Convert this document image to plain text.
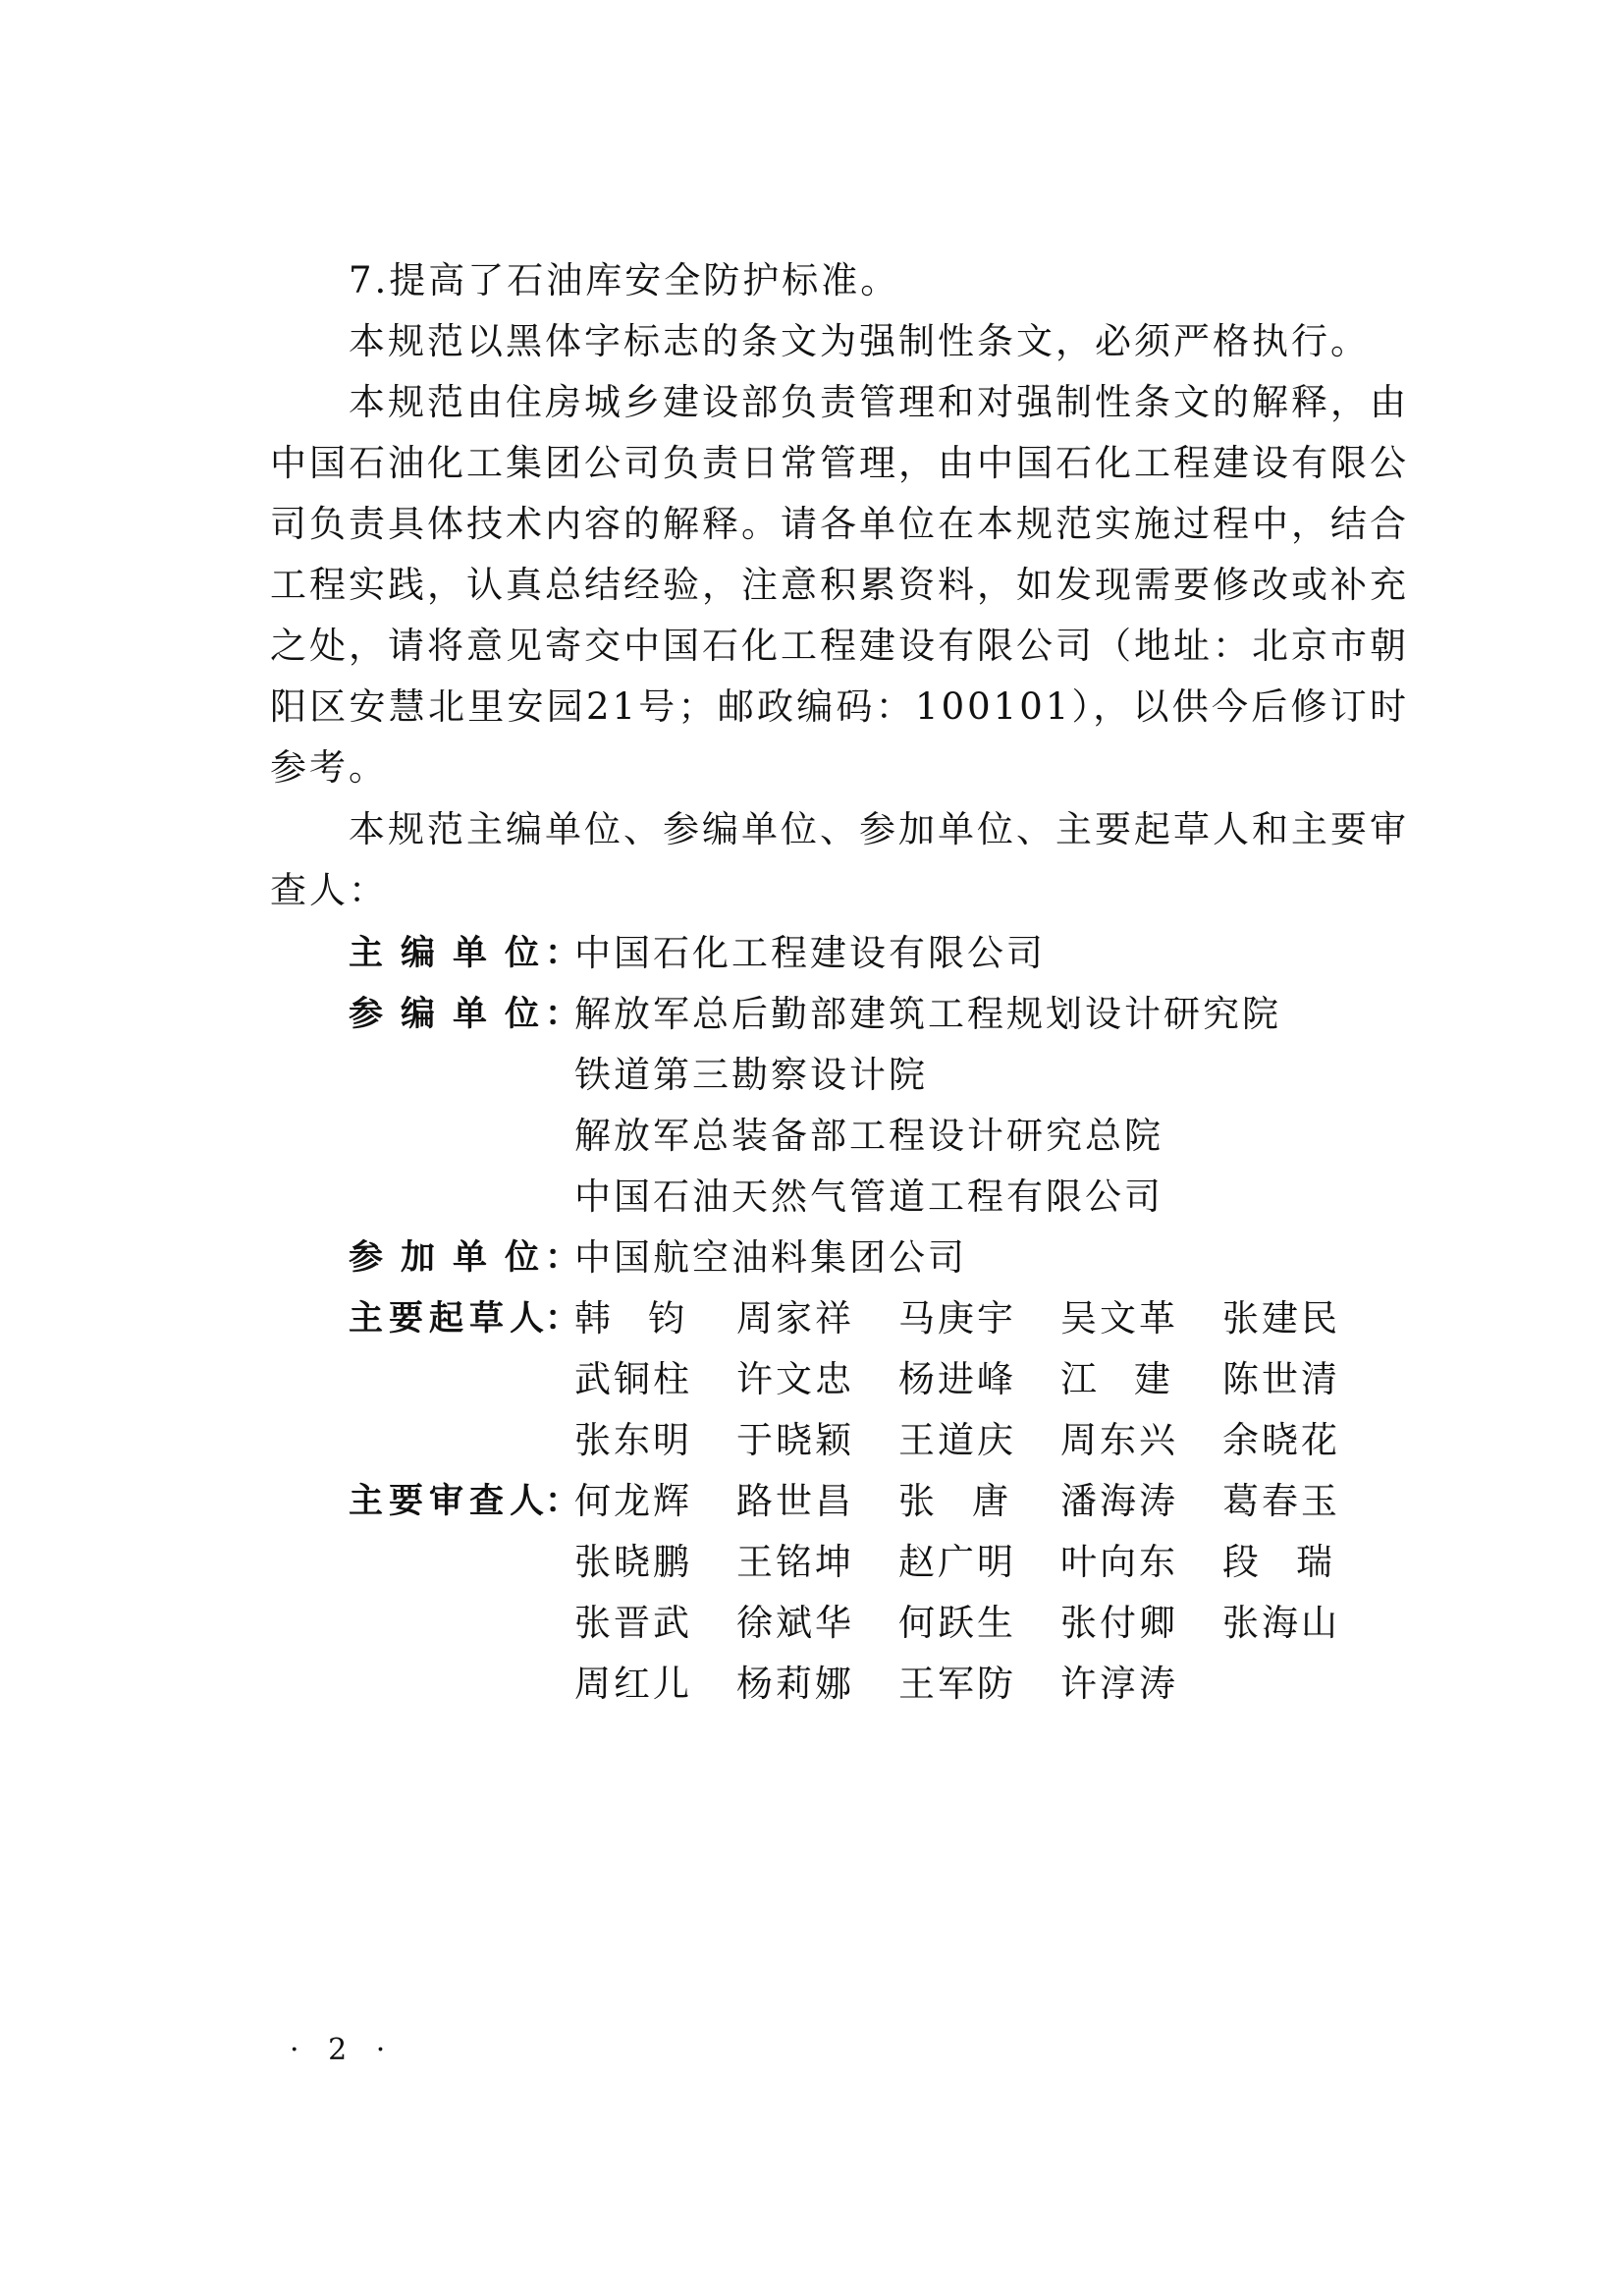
7.提高了石油库安全防护标准。

本规范以黑体字标志的条文为强制性条文，必须严格执行。

本规范由住房城乡建设部负责管理和对强制性条文的解释，由中国石油化工集团公司负责日常管理，由中国石化工程建设有限公司负责具体技术内容的解释。请各单位在本规范实施过程中，结合工程实践，认真总结经验，注意积累资料，如发现需要修改或补充之处，请将意见寄交中国石化工程建设有限公司（地址：北京市朝阳区安慧北里安园21号；邮政编码：100101），以供今后修订时参考。

本规范主编单位、参编单位、参加单位、主要起草人和主要审查人：

主编单位：
中国石化工程建设有限公司
参编单位：
解放军总后勤部建筑工程规划设计研究院
铁道第三勘察设计院
解放军总装备部工程设计研究总院
中国石油天然气管道工程有限公司
参加单位：
中国航空油料集团公司
主要起草人：
韩钧 周家祥	马庚宇	吴文革	张建民
武铜柱	许文忠	杨进峰	江建 陈世清
张东明	于晓颖	王道庆	周东兴	余晓花
主要审查人：
何龙辉	路世昌	张唐 潘海涛	葛春玉
张晓鹏	王铭坤	赵广明	叶向东	段瑞
张晋武	徐斌华	何跃生	张付卿	张海山
周红儿	杨莉娜	王军防	许淳涛
· 2 ·
